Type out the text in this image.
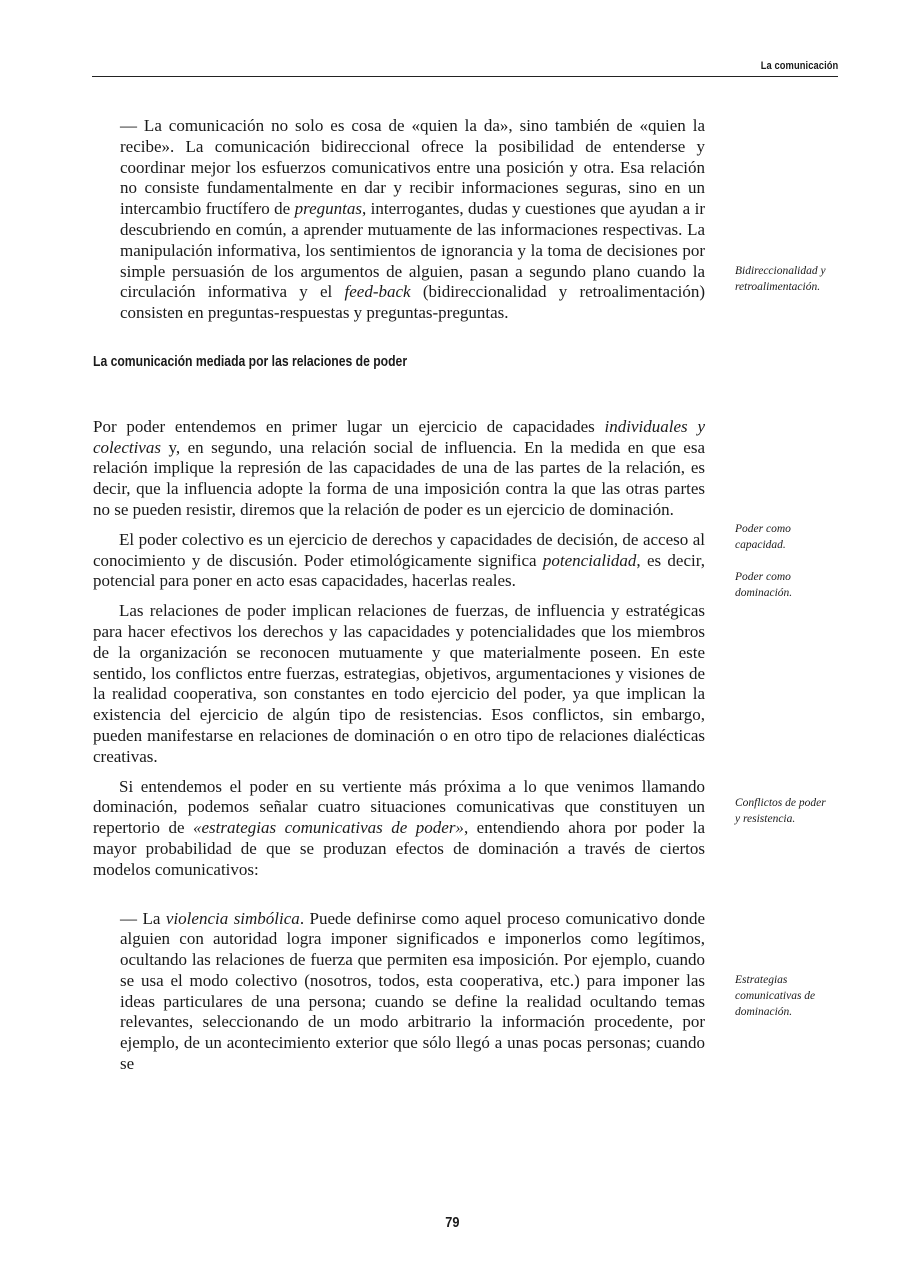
La comunicación

— La comunicación no solo es cosa de «quien la da», sino también de «quien la recibe». La comunicación bidireccional ofrece la posibilidad de entenderse y coordinar mejor los esfuerzos comunicativos entre una posición y otra. Esa relación no consiste fundamentalmente en dar y recibir informaciones seguras, sino en un intercambio fructífero de preguntas, interrogantes, dudas y cuestiones que ayudan a ir descubriendo en común, a aprender mutuamente de las informaciones respectivas. La manipulación informativa, los sentimientos de ignorancia y la toma de decisiones por simple persuasión de los argumentos de alguien, pasan a segundo plano cuando la circulación informativa y el feed-back (bidireccionalidad y retroalimentación) consisten en preguntas-respuestas y preguntas-preguntas.

La comunicación mediada por las relaciones de poder

Por poder entendemos en primer lugar un ejercicio de capacidades individuales y colectivas y, en segundo, una relación social de influencia. En la medida en que esa relación implique la represión de las capacidades de una de las partes de la relación, es decir, que la influencia adopte la forma de una imposición contra la que las otras partes no se pueden resistir, diremos que la relación de poder es un ejercicio de dominación.

El poder colectivo es un ejercicio de derechos y capacidades de decisión, de acceso al conocimiento y de discusión. Poder etimológicamente significa potencialidad, es decir, potencial para poner en acto esas capacidades, hacerlas reales.

Las relaciones de poder implican relaciones de fuerzas, de influencia y estratégicas para hacer efectivos los derechos y las capacidades y potencialidades que los miembros de la organización se reconocen mutuamente y que materialmente poseen. En este sentido, los conflictos entre fuerzas, estrategias, objetivos, argumentaciones y visiones de la realidad cooperativa, son constantes en todo ejercicio del poder, ya que implican la existencia del ejercicio de algún tipo de resistencias. Esos conflictos, sin embargo, pueden manifestarse en relaciones de dominación o en otro tipo de relaciones dialécticas creativas.

Si entendemos el poder en su vertiente más próxima a lo que venimos llamando dominación, podemos señalar cuatro situaciones comunicativas que constituyen un repertorio de «estrategias comunicativas de poder», entendiendo ahora por poder la mayor probabilidad de que se produzan efectos de dominación a través de ciertos modelos comunicativos:

— La violencia simbólica. Puede definirse como aquel proceso comunicativo donde alguien con autoridad logra imponer significados e imponerlos como legítimos, ocultando las relaciones de fuerza que permiten esa imposición. Por ejemplo, cuando se usa el modo colectivo (nosotros, todos, esta cooperativa, etc.) para imponer las ideas particulares de una persona; cuando se define la realidad ocultando temas relevantes, seleccionando de un modo arbitrario la información procedente, por ejemplo, de un acontecimiento exterior que sólo llegó a unas pocas personas; cuando se

Bidireccionalidad y
retroalimentación.
Poder como
capacidad.
Poder como
dominación.
Conflictos de poder
y resistencia.
Estrategias
comunicativas de
dominación.
79
